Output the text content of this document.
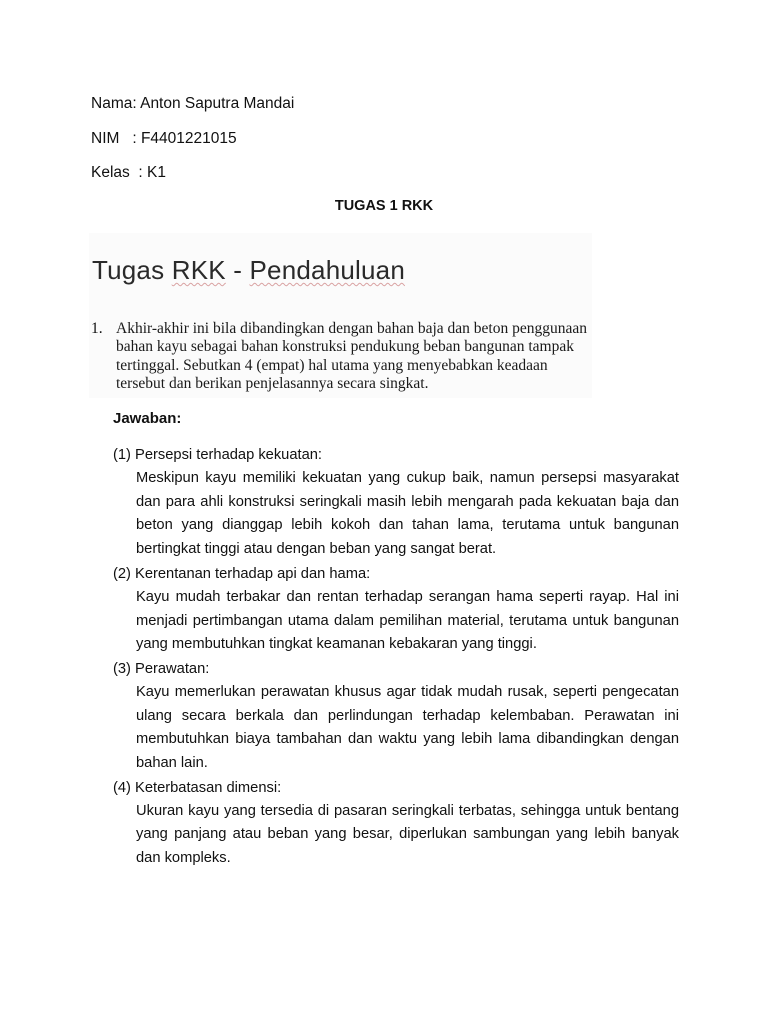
Nama: Anton Saputra Mandai
NIM   : F4401221015
Kelas  : K1
TUGAS 1 RKK
Tugas RKK - Pendahuluan
1. Akhir-akhir ini bila dibandingkan dengan bahan baja dan beton penggunaan bahan kayu sebagai bahan konstruksi pendukung beban bangunan tampak tertinggal. Sebutkan 4 (empat) hal utama yang menyebabkan keadaan tersebut dan berikan penjelasannya secara singkat.
Jawaban:
(1) Persepsi terhadap kekuatan:
Meskipun kayu memiliki kekuatan yang cukup baik, namun persepsi masyarakat dan para ahli konstruksi seringkali masih lebih mengarah pada kekuatan baja dan beton yang dianggap lebih kokoh dan tahan lama, terutama untuk bangunan bertingkat tinggi atau dengan beban yang sangat berat.
(2) Kerentanan terhadap api dan hama:
Kayu mudah terbakar dan rentan terhadap serangan hama seperti rayap. Hal ini menjadi pertimbangan utama dalam pemilihan material, terutama untuk bangunan yang membutuhkan tingkat keamanan kebakaran yang tinggi.
(3) Perawatan:
Kayu memerlukan perawatan khusus agar tidak mudah rusak, seperti pengecatan ulang secara berkala dan perlindungan terhadap kelembaban. Perawatan ini membutuhkan biaya tambahan dan waktu yang lebih lama dibandingkan dengan bahan lain.
(4) Keterbatasan dimensi:
Ukuran kayu yang tersedia di pasaran seringkali terbatas, sehingga untuk bentang yang panjang atau beban yang besar, diperlukan sambungan yang lebih banyak dan kompleks.
